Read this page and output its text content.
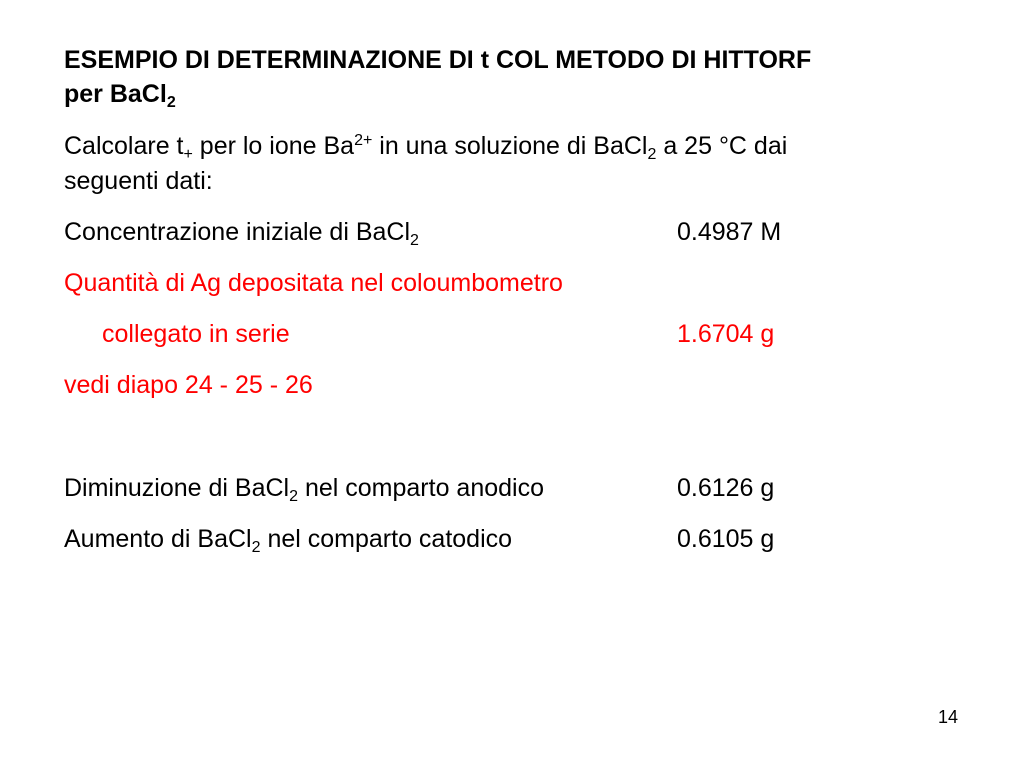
ESEMPIO DI DETERMINAZIONE DI t COL METODO DI HITTORF
per BaCl$_2$
Calcolare $t_+$ per lo ione $Ba^{2+}$ in una soluzione di BaCl$_2$ a 25 °C dai
seguenti dati:
Concentrazione iniziale di BaCl$_2$	0.4987 M
Quantità di Ag depositata nel coloumbometro
collegato in serie	1.6704 g
vedi diapo 24 - 25 - 26
Diminuzione di BaCl$_2$ nel comparto anodico	0.6126 g
Aumento di BaCl$_2$ nel comparto catodico	0.6105 g
14
